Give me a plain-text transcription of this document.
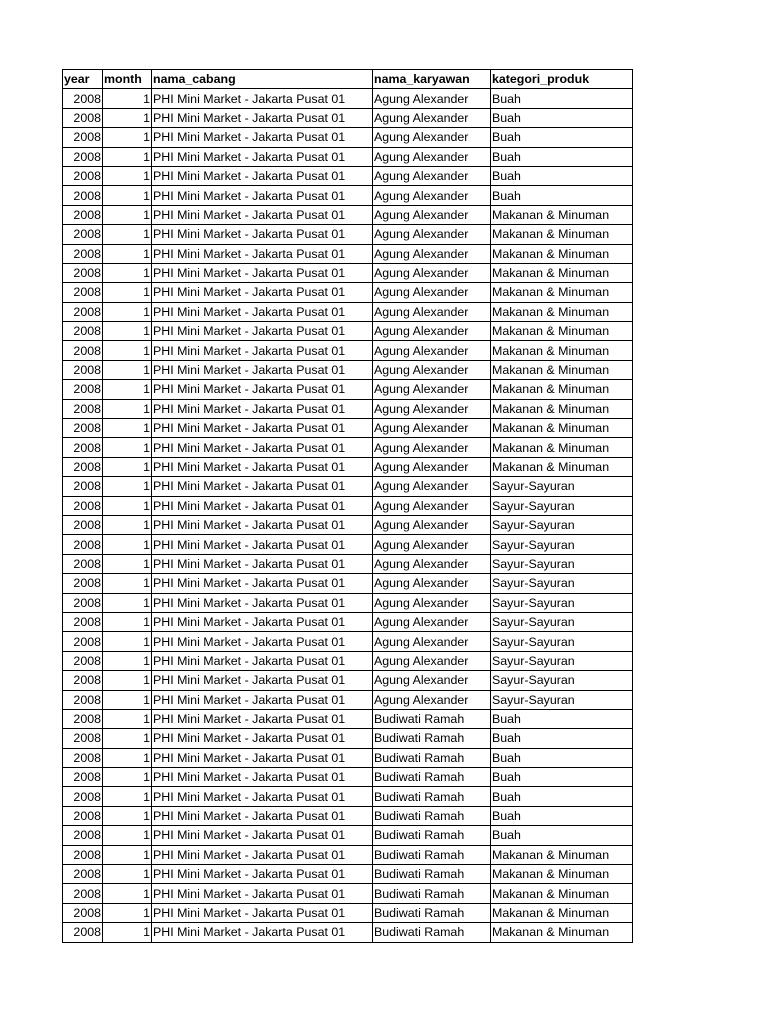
year	month	nama_cabang	nama_karyawan	kategori_produk
2008	1	PHI Mini Market - Jakarta Pusat 01	Agung Alexander	Buah
2008	1	PHI Mini Market - Jakarta Pusat 01	Agung Alexander	Buah
2008	1	PHI Mini Market - Jakarta Pusat 01	Agung Alexander	Buah
2008	1	PHI Mini Market - Jakarta Pusat 01	Agung Alexander	Buah
2008	1	PHI Mini Market - Jakarta Pusat 01	Agung Alexander	Buah
2008	1	PHI Mini Market - Jakarta Pusat 01	Agung Alexander	Buah
2008	1	PHI Mini Market - Jakarta Pusat 01	Agung Alexander	Makanan & Minuman
2008	1	PHI Mini Market - Jakarta Pusat 01	Agung Alexander	Makanan & Minuman
2008	1	PHI Mini Market - Jakarta Pusat 01	Agung Alexander	Makanan & Minuman
2008	1	PHI Mini Market - Jakarta Pusat 01	Agung Alexander	Makanan & Minuman
2008	1	PHI Mini Market - Jakarta Pusat 01	Agung Alexander	Makanan & Minuman
2008	1	PHI Mini Market - Jakarta Pusat 01	Agung Alexander	Makanan & Minuman
2008	1	PHI Mini Market - Jakarta Pusat 01	Agung Alexander	Makanan & Minuman
2008	1	PHI Mini Market - Jakarta Pusat 01	Agung Alexander	Makanan & Minuman
2008	1	PHI Mini Market - Jakarta Pusat 01	Agung Alexander	Makanan & Minuman
2008	1	PHI Mini Market - Jakarta Pusat 01	Agung Alexander	Makanan & Minuman
2008	1	PHI Mini Market - Jakarta Pusat 01	Agung Alexander	Makanan & Minuman
2008	1	PHI Mini Market - Jakarta Pusat 01	Agung Alexander	Makanan & Minuman
2008	1	PHI Mini Market - Jakarta Pusat 01	Agung Alexander	Makanan & Minuman
2008	1	PHI Mini Market - Jakarta Pusat 01	Agung Alexander	Makanan & Minuman
2008	1	PHI Mini Market - Jakarta Pusat 01	Agung Alexander	Sayur-Sayuran
2008	1	PHI Mini Market - Jakarta Pusat 01	Agung Alexander	Sayur-Sayuran
2008	1	PHI Mini Market - Jakarta Pusat 01	Agung Alexander	Sayur-Sayuran
2008	1	PHI Mini Market - Jakarta Pusat 01	Agung Alexander	Sayur-Sayuran
2008	1	PHI Mini Market - Jakarta Pusat 01	Agung Alexander	Sayur-Sayuran
2008	1	PHI Mini Market - Jakarta Pusat 01	Agung Alexander	Sayur-Sayuran
2008	1	PHI Mini Market - Jakarta Pusat 01	Agung Alexander	Sayur-Sayuran
2008	1	PHI Mini Market - Jakarta Pusat 01	Agung Alexander	Sayur-Sayuran
2008	1	PHI Mini Market - Jakarta Pusat 01	Agung Alexander	Sayur-Sayuran
2008	1	PHI Mini Market - Jakarta Pusat 01	Agung Alexander	Sayur-Sayuran
2008	1	PHI Mini Market - Jakarta Pusat 01	Agung Alexander	Sayur-Sayuran
2008	1	PHI Mini Market - Jakarta Pusat 01	Agung Alexander	Sayur-Sayuran
2008	1	PHI Mini Market - Jakarta Pusat 01	Budiwati Ramah	Buah
2008	1	PHI Mini Market - Jakarta Pusat 01	Budiwati Ramah	Buah
2008	1	PHI Mini Market - Jakarta Pusat 01	Budiwati Ramah	Buah
2008	1	PHI Mini Market - Jakarta Pusat 01	Budiwati Ramah	Buah
2008	1	PHI Mini Market - Jakarta Pusat 01	Budiwati Ramah	Buah
2008	1	PHI Mini Market - Jakarta Pusat 01	Budiwati Ramah	Buah
2008	1	PHI Mini Market - Jakarta Pusat 01	Budiwati Ramah	Buah
2008	1	PHI Mini Market - Jakarta Pusat 01	Budiwati Ramah	Makanan & Minuman
2008	1	PHI Mini Market - Jakarta Pusat 01	Budiwati Ramah	Makanan & Minuman
2008	1	PHI Mini Market - Jakarta Pusat 01	Budiwati Ramah	Makanan & Minuman
2008	1	PHI Mini Market - Jakarta Pusat 01	Budiwati Ramah	Makanan & Minuman
2008	1	PHI Mini Market - Jakarta Pusat 01	Budiwati Ramah	Makanan & Minuman
